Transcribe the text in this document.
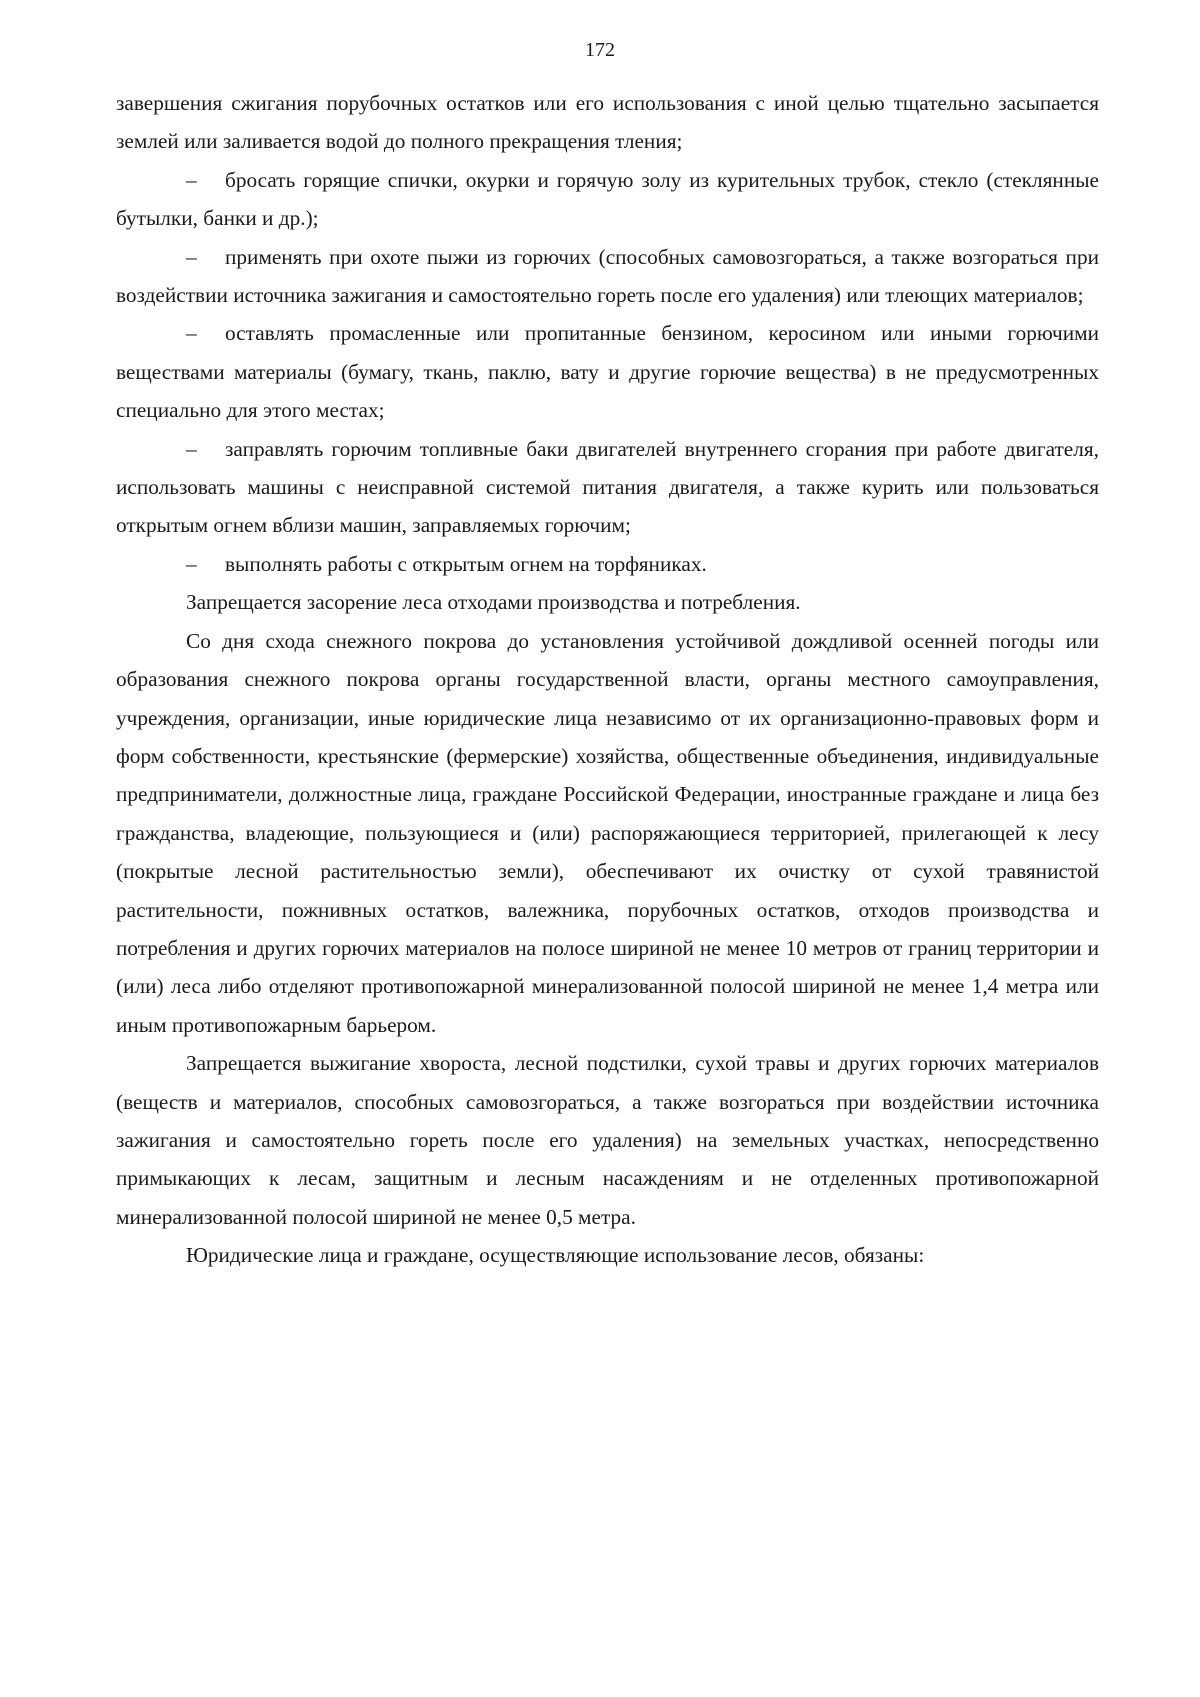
172

завершения сжигания порубочных остатков или его использования с иной целью тщательно засыпается землей или заливается водой до полного прекращения тления;

– бросать горящие спички, окурки и горячую золу из курительных трубок, стекло (стеклянные бутылки, банки и др.);

– применять при охоте пыжи из горючих (способных самовозгораться, а также возгораться при воздействии источника зажигания и самостоятельно гореть после его удаления) или тлеющих материалов;

– оставлять промасленные или пропитанные бензином, керосином или иными горючими веществами материалы (бумагу, ткань, паклю, вату и другие горючие вещества) в не предусмотренных специально для этого местах;

– заправлять горючим топливные баки двигателей внутреннего сгорания при работе двигателя, использовать машины с неисправной системой питания двигателя, а также курить или пользоваться открытым огнем вблизи машин, заправляемых горючим;

– выполнять работы с открытым огнем на торфяниках.

Запрещается засорение леса отходами производства и потребления.

Со дня схода снежного покрова до установления устойчивой дождливой осенней погоды или образования снежного покрова органы государственной власти, органы местного самоуправления, учреждения, организации, иные юридические лица независимо от их организационно-правовых форм и форм собственности, крестьянские (фермерские) хозяйства, общественные объединения, индивидуальные предприниматели, должностные лица, граждане Российской Федерации, иностранные граждане и лица без гражданства, владеющие, пользующиеся и (или) распоряжающиеся территорией, прилегающей к лесу (покрытые лесной растительностью земли), обеспечивают их очистку от сухой травянистой растительности, пожнивных остатков, валежника, порубочных остатков, отходов производства и потребления и других горючих материалов на полосе шириной не менее 10 метров от границ территории и (или) леса либо отделяют противопожарной минерализованной полосой шириной не менее 1,4 метра или иным противопожарным барьером.

Запрещается выжигание хвороста, лесной подстилки, сухой травы и других горючих материалов (веществ и материалов, способных самовозгораться, а также возгораться при воздействии источника зажигания и самостоятельно гореть после его удаления) на земельных участках, непосредственно примыкающих к лесам, защитным и лесным насаждениям и не отделенных противопожарной минерализованной полосой шириной не менее 0,5 метра.

Юридические лица и граждане, осуществляющие использование лесов, обязаны:
